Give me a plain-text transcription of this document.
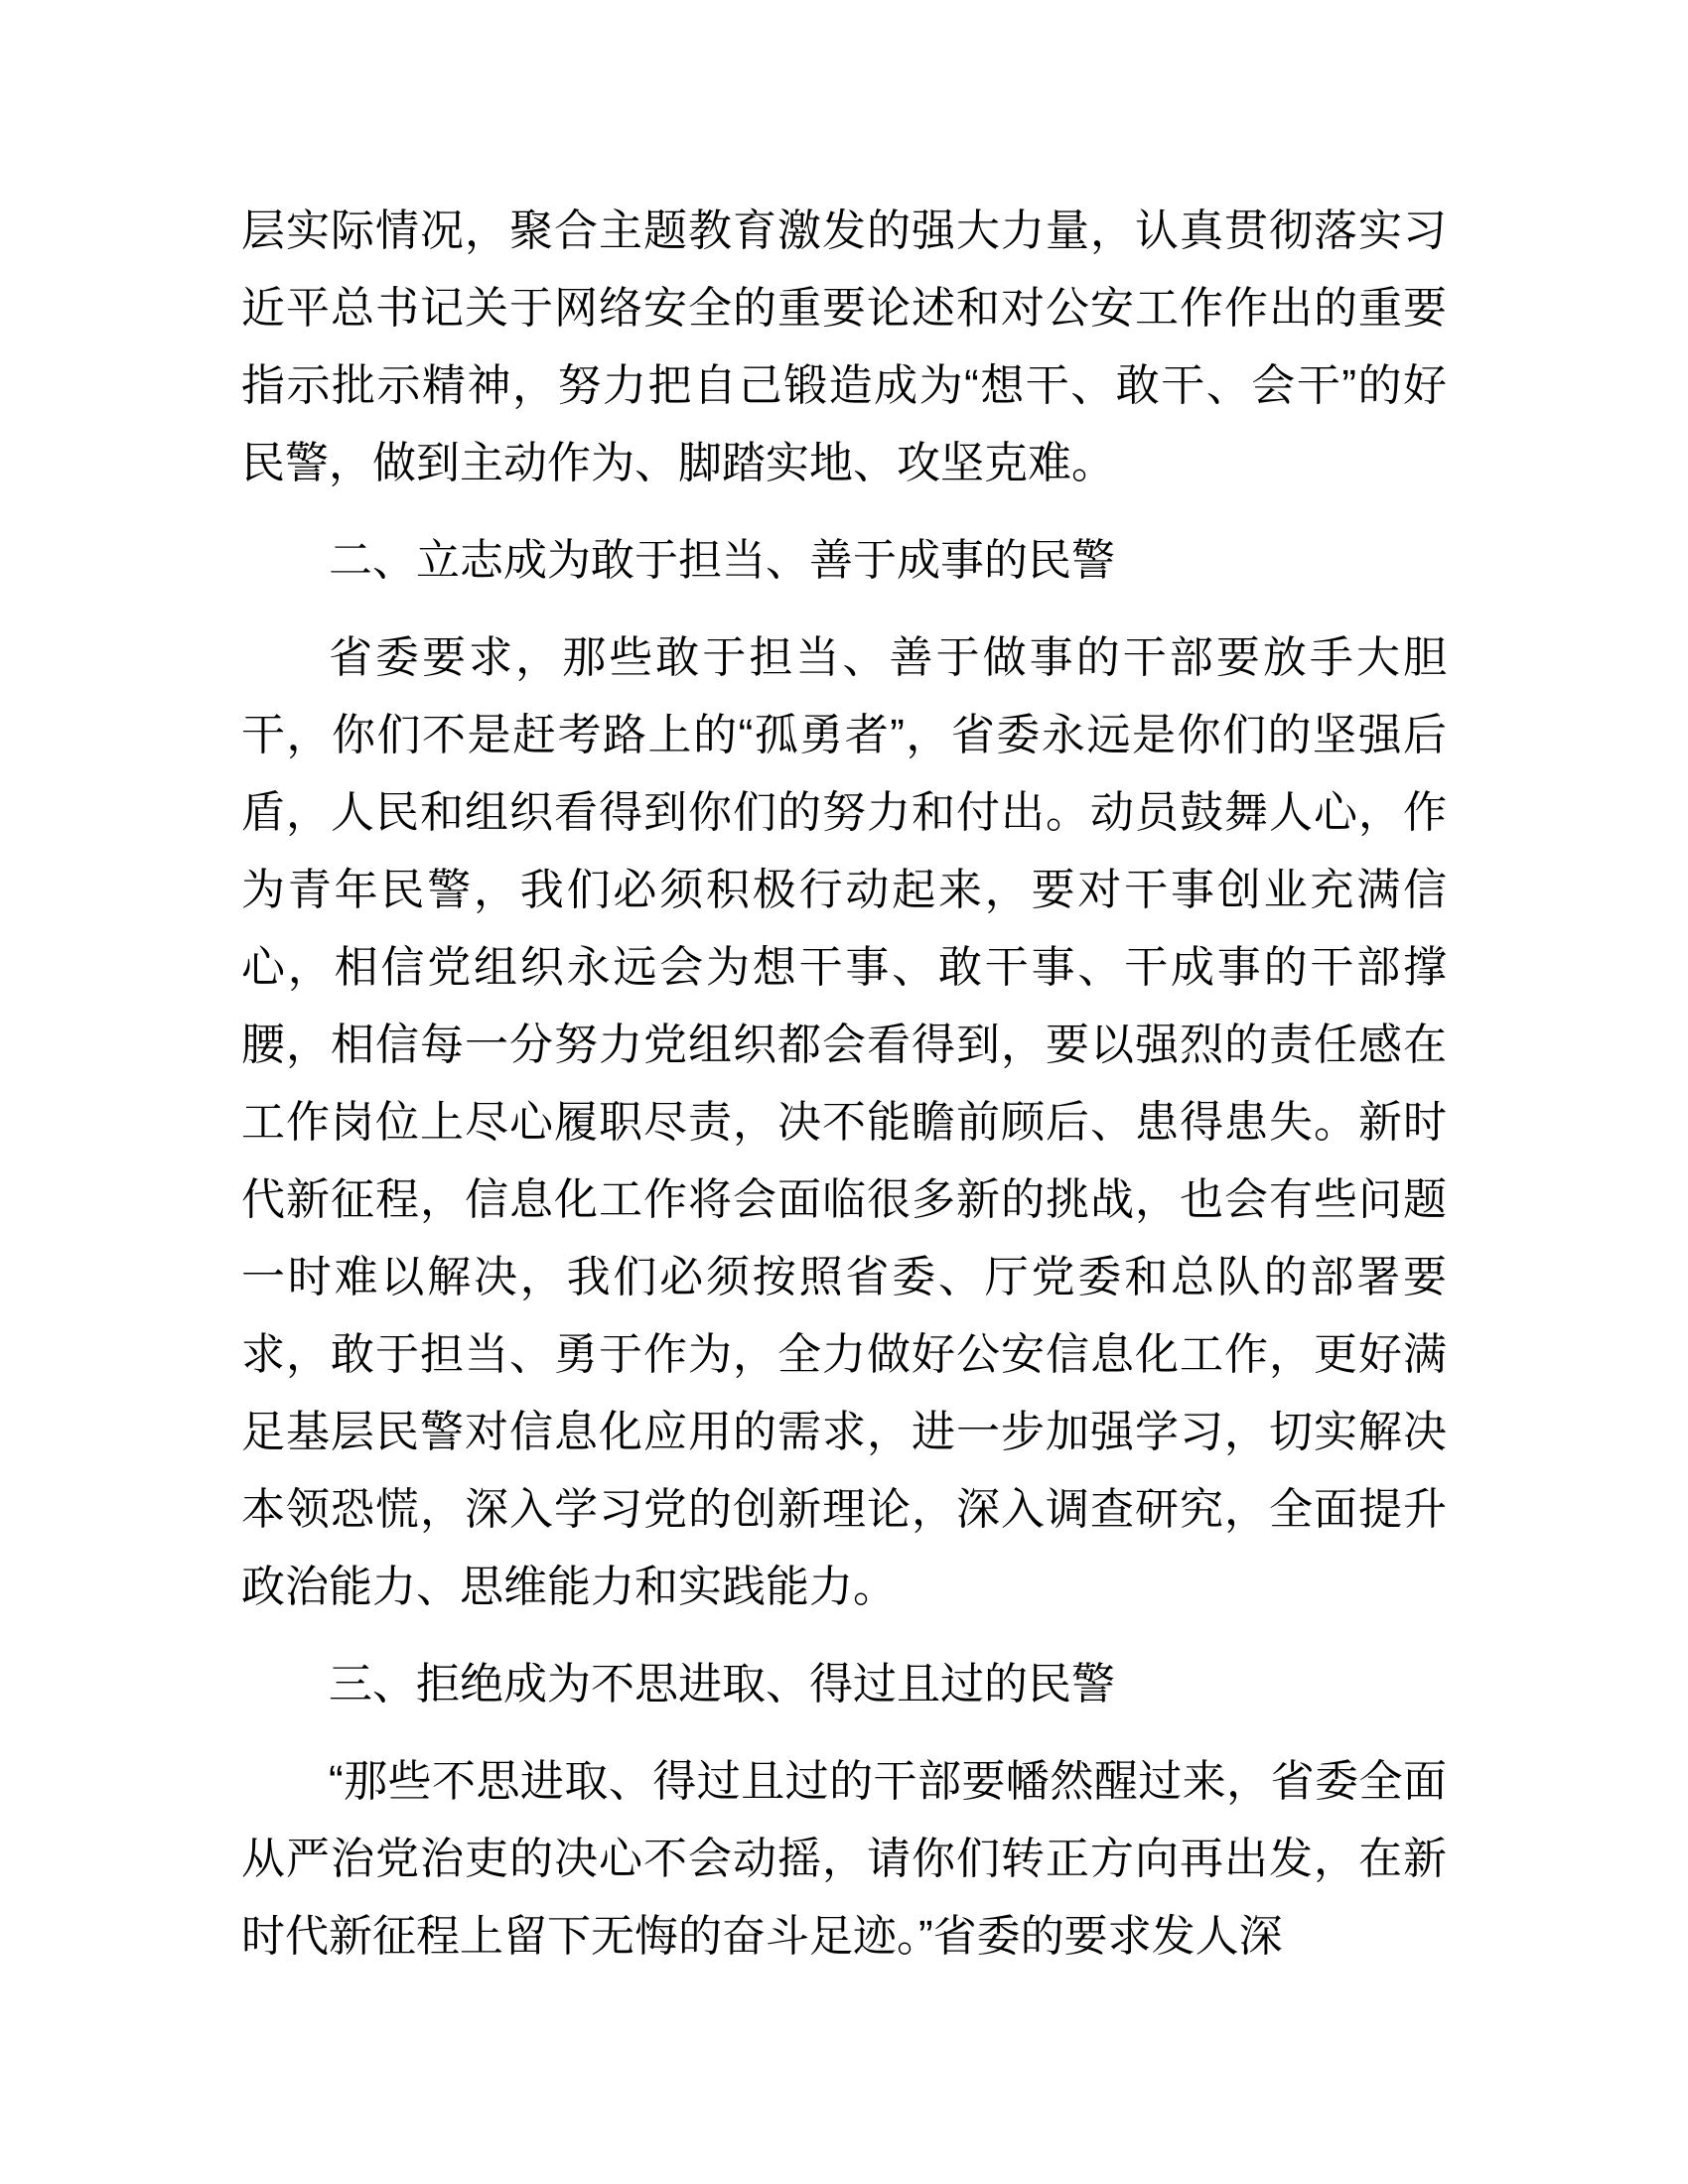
层实际情况，聚合主题教育激发的强大力量，认真贯彻落实习近平总书记关于网络安全的重要论述和对公安工作作出的重要指示批示精神，努力把自己锻造成为“想干、敢干、会干”的好民警，做到主动作为、脚踏实地、攻坚克难。

二、立志成为敢于担当、善于成事的民警

省委要求，那些敢于担当、善于做事的干部要放手大胆干，你们不是赶考路上的“孤勇者”，省委永远是你们的坚强后盾，人民和组织看得到你们的努力和付出。动员鼓舞人心，作为青年民警，我们必须积极行动起来，要对干事创业充满信心，相信党组织永远会为想干事、敢干事、干成事的干部撑腰，相信每一分努力党组织都会看得到，要以强烈的责任感在工作岗位上尽心履职尽责，决不能瞻前顾后、患得患失。新时代新征程，信息化工作将会面临很多新的挑战，也会有些问题一时难以解决，我们必须按照省委、厅党委和总队的部署要求，敢于担当、勇于作为，全力做好公安信息化工作，更好满足基层民警对信息化应用的需求，进一步加强学习，切实解决本领恐慌，深入学习党的创新理论，深入调查研究，全面提升政治能力、思维能力和实践能力。

三、拒绝成为不思进取、得过且过的民警

“那些不思进取、得过且过的干部要幡然醒过来，省委全面从严治党治吏的决心不会动摇，请你们转正方向再出发，在新时代新征程上留下无悔的奋斗足迹。”省委的要求发人深
